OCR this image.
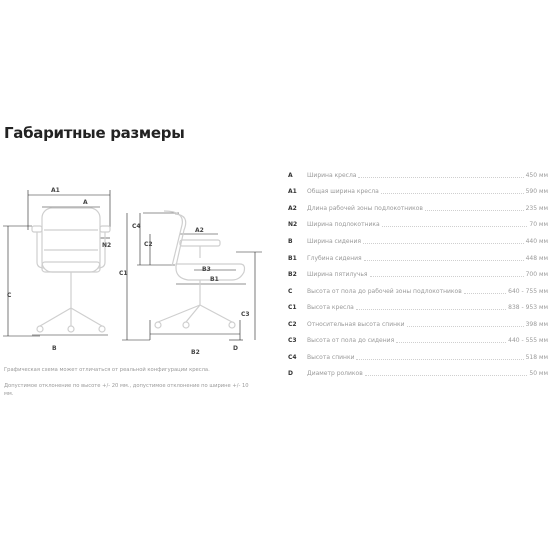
Габаритные размеры
A1
A
N2
C
B
C1
C4
C2
A2
B3
B1
C3
B2
D
Графическая схема может отличаться от реальной конфигурации кресла.
Допустимое отклонение по высоте +/- 20 мм., допустимое отклонение по ширине +/- 10 мм.
A	Ширина кресла	450 мм
A1	Общая ширина кресла	590 мм
A2	Длина рабочей зоны подлокотников	235 мм
N2	Ширина подлокотника	70 мм
B	Ширина сидения	440 мм
B1	Глубина сидения	448 мм
B2	Ширина пятилучья	700 мм
C	Высота от пола до рабочей зоны подлокотников	640 - 755 мм
C1	Высота кресла	838 - 953 мм
C2	Относительная высота спинки	398 мм
C3	Высота от пола до сидения	440 - 555 мм
C4	Высота спинки	518 мм
D	Диаметр роликов	50 мм
